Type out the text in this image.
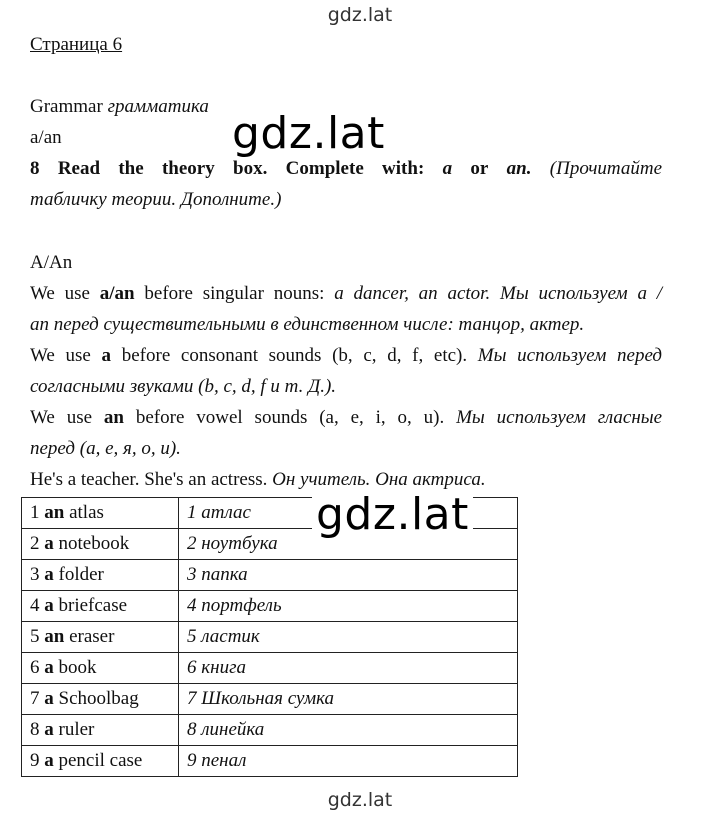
gdz.lat
Страница 6
Grammar грамматика
a/an
8 Read the theory box. Complete with: a or an. (Прочитайте
табличку теории. Дополните.)
A/An
We use a/an before singular nouns: a dancer, an actor. Мы используем a /
an перед существительными в единственном числе: танцор, актер.
We use a before consonant sounds (b, c, d, f, etc). Мы используем перед
согласными звуками (b, c, d, f и т. Д.).
We use an before vowel sounds (a, e, i, o, u). Мы используем гласные
перед (a, e, я, o, и).
He's a teacher. She's an actress. Он учитель. Она актриса.
1 an atlas	1 атлас
2 a notebook	2 ноутбука
3 a folder	3 папка
4 a briefcase	4 портфель
5 an eraser	5 ластик
6 a book	6 книга
7 a Schoolbag	7 Школьная сумка
8 a ruler	8 линейка
9 a pencil case	9 пенал
gdz.lat
gdz.lat
gdz.lat
